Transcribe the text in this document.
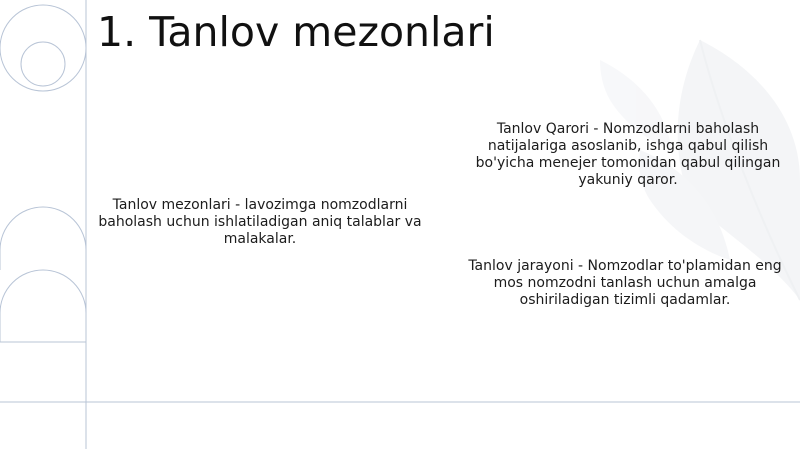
1. Tanlov mezonlari

Tanlov Qarori - Nomzodlarni baholash natijalariga asoslanib, ishga qabul qilish bo'yicha menejer tomonidan qabul qilingan yakuniy qaror.

Tanlov mezonlari - lavozimga nomzodlarni baholash uchun ishlatiladigan aniq talablar va malakalar.

Tanlov jarayoni - Nomzodlar to'plamidan eng mos nomzodni tanlash uchun amalga oshiriladigan tizimli qadamlar.
